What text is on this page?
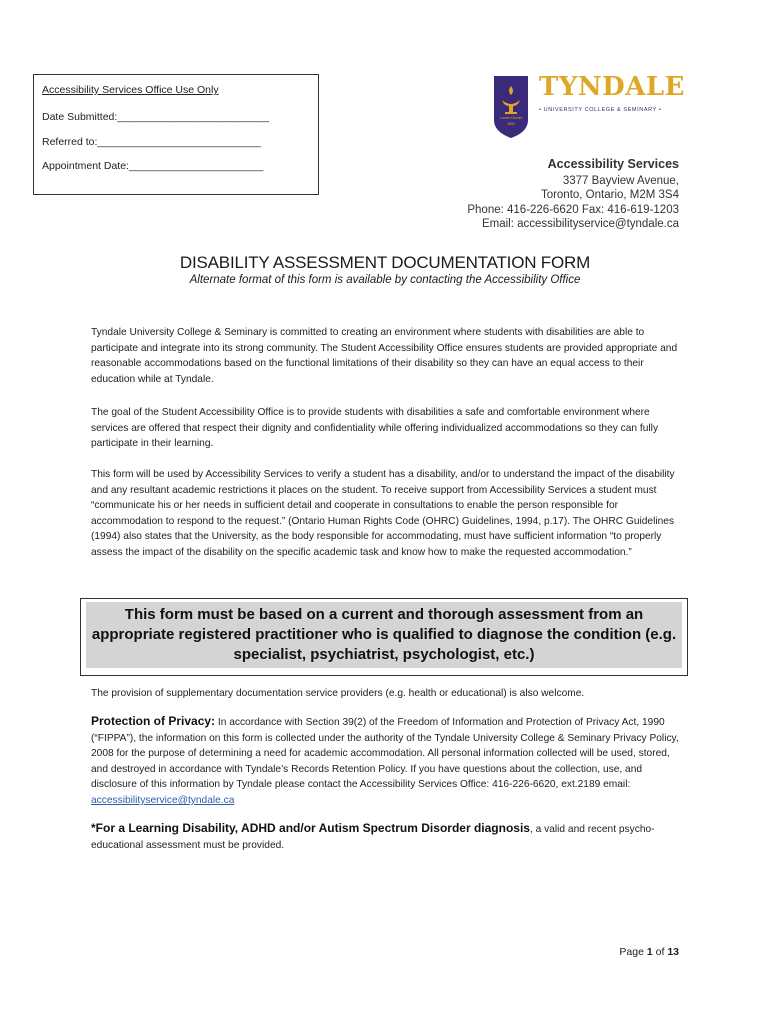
Accessibility Services Office Use Only
Date Submitted:__________________________
Referred to:____________________________
Appointment Date:_______________________
Lumen Domini
1894
TYNDALE
• UNIVERSITY COLLEGE & SEMINARY •
Accessibility Services
3377 Bayview Avenue,
Toronto, Ontario, M2M 3S4
Phone: 416-226-6620 Fax: 416-619-1203
Email: accessibilityservice@tyndale.ca
DISABILITY ASSESSMENT DOCUMENTATION FORM
Alternate format of this form is available by contacting the Accessibility Office

Tyndale University College & Seminary is committed to creating an environment where students with disabilities are able to participate and integrate into its strong community. The Student Accessibility Office ensures students are provided appropriate and reasonable accommodations based on the functional limitations of their disability so they can have an equal access to their education while at Tyndale.

The goal of the Student Accessibility Office is to provide students with disabilities a safe and comfortable environment where services are offered that respect their dignity and confidentiality while offering individualized accommodations so they can fully participate in their learning.

This form will be used by Accessibility Services to verify a student has a disability, and/or to understand the impact of the disability and any resultant academic restrictions it places on the student. To receive support from Accessibility Services a student must “communicate his or her needs in sufficient detail and cooperate in consultations to enable the person responsible for accommodation to respond to the request.” (Ontario Human Rights Code (OHRC) Guidelines, 1994, p.17). The OHRC Guidelines (1994) also states that the University, as the body responsible for accommodating, must have sufficient information “to properly assess the impact of the disability on the specific academic task and know how to make the requested accommodation.”

This form must be based on a current and thorough assessment from an appropriate registered practitioner who is qualified to diagnose the condition (e.g. specialist, psychiatrist, psychologist, etc.)

The provision of supplementary documentation service providers (e.g. health or educational) is also welcome.

Protection of Privacy: In accordance with Section 39(2) of the Freedom of Information and Protection of Privacy Act, 1990 (“FIPPA”), the information on this form is collected under the authority of the Tyndale University College & Seminary Privacy Policy, 2008 for the purpose of determining a need for academic accommodation. All personal information collected will be used, stored, and destroyed in accordance with Tyndale’s Records Retention Policy. If you have questions about the collection, use, and disclosure of this information by Tyndale please contact the Accessibility Services Office: 416-226-6620, ext.2189 email: accessibilityservice@tyndale.ca

*For a Learning Disability, ADHD and/or Autism Spectrum Disorder diagnosis, a valid and recent psycho-educational assessment must be provided.

Page 1 of 13
